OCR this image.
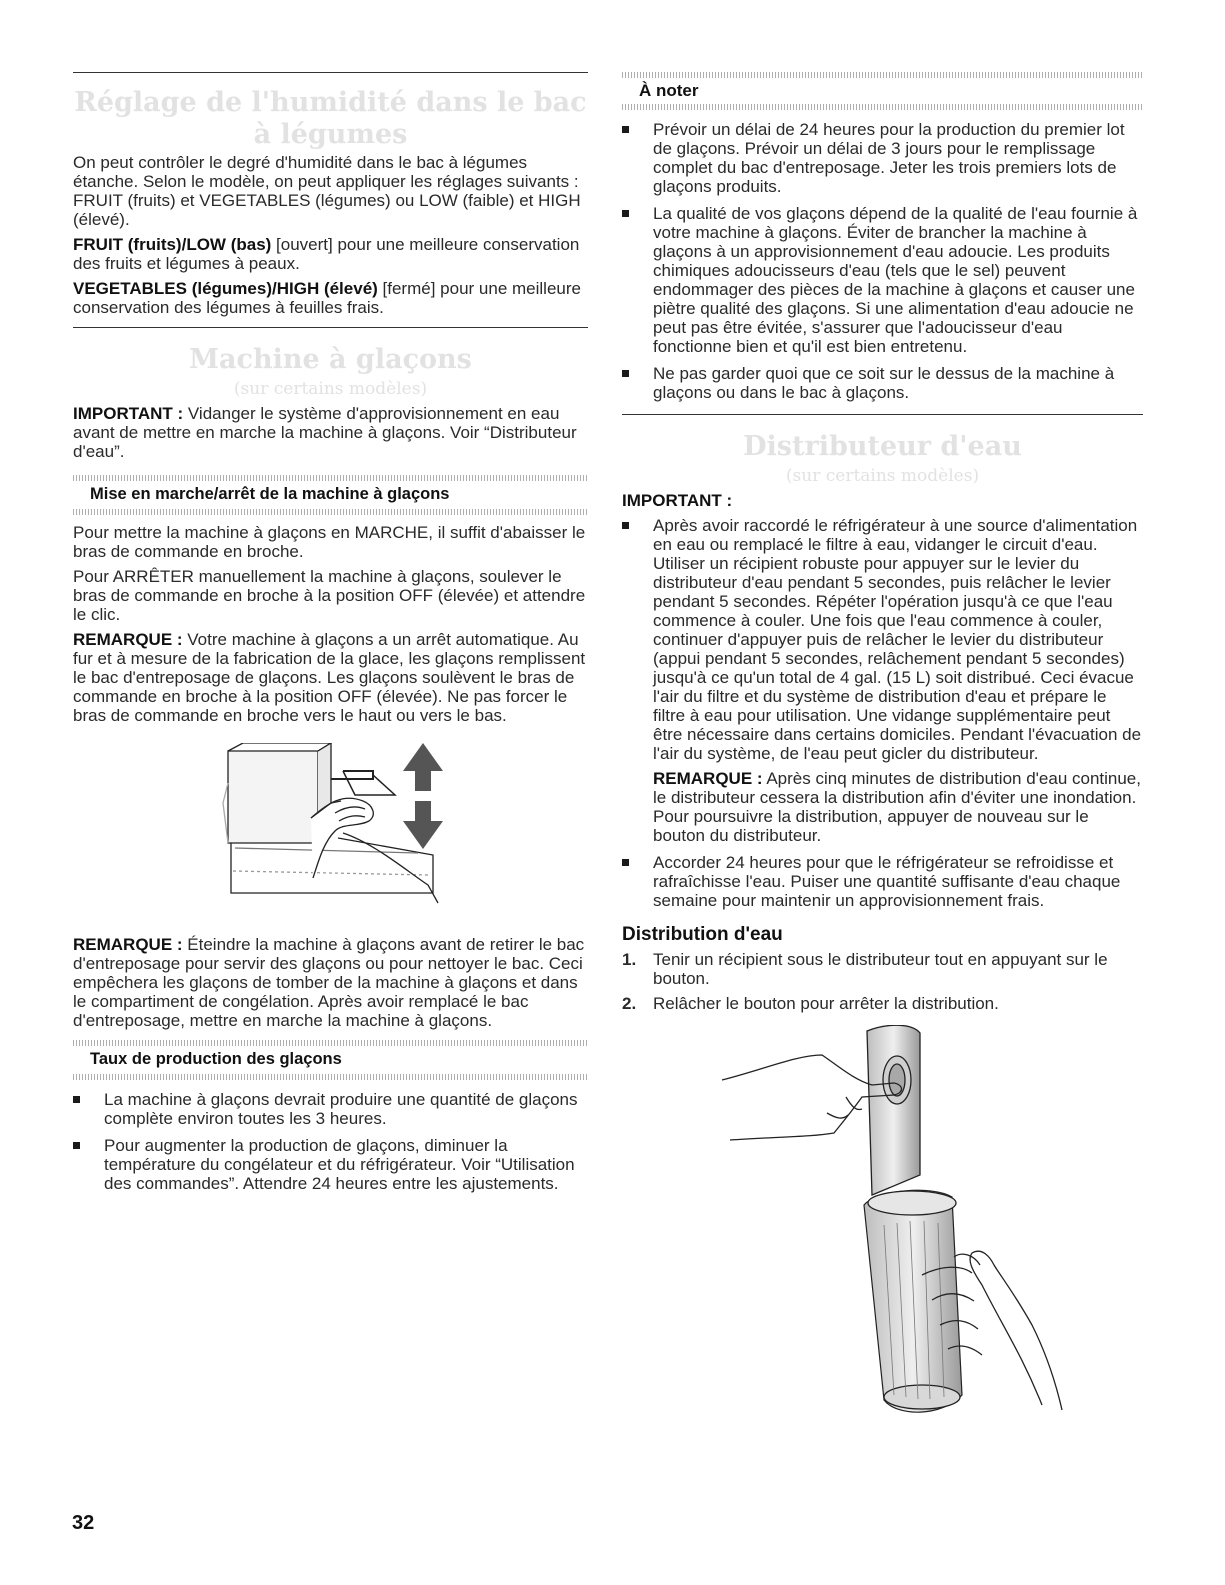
Réglage de l'humidité dans le bac à légumes

On peut contrôler le degré d'humidité dans le bac à légumes étanche. Selon le modèle, on peut appliquer les réglages suivants : FRUIT (fruits) et VEGETABLES (légumes) ou LOW (faible) et HIGH (élevé).

FRUIT (fruits)/LOW (bas) [ouvert] pour une meilleure conservation des fruits et légumes à peaux.

VEGETABLES (légumes)/HIGH (élevé) [fermé] pour une meilleure conservation des légumes à feuilles frais.

Machine à glaçons
(sur certains modèles)

IMPORTANT : Vidanger le système d'approvisionnement en eau avant de mettre en marche la machine à glaçons. Voir “Distributeur d'eau”.

Mise en marche/arrêt de la machine à glaçons

Pour mettre la machine à glaçons en MARCHE, il suffit d'abaisser le bras de commande en broche.

Pour ARRÊTER manuellement la machine à glaçons, soulever le bras de commande en broche à la position OFF (élevée) et attendre le clic.

REMARQUE : Votre machine à glaçons a un arrêt automatique. Au fur et à mesure de la fabrication de la glace, les glaçons remplissent le bac d'entreposage de glaçons. Les glaçons soulèvent le bras de commande en broche à la position OFF (élevée). Ne pas forcer le bras de commande en broche vers le haut ou vers le bas.

REMARQUE : Éteindre la machine à glaçons avant de retirer le bac d'entreposage pour servir des glaçons ou pour nettoyer le bac. Ceci empêchera les glaçons de tomber de la machine à glaçons et dans le compartiment de congélation. Après avoir remplacé le bac d'entreposage, mettre en marche la machine à glaçons.

Taux de production des glaçons

La machine à glaçons devrait produire une quantité de glaçons complète environ toutes les 3 heures.

Pour augmenter la production de glaçons, diminuer la température du congélateur et du réfrigérateur. Voir “Utilisation des commandes”. Attendre 24 heures entre les ajustements.

À noter

Prévoir un délai de 24 heures pour la production du premier lot de glaçons. Prévoir un délai de 3 jours pour le remplissage complet du bac d'entreposage. Jeter les trois premiers lots de glaçons produits.

La qualité de vos glaçons dépend de la qualité de l'eau fournie à votre machine à glaçons. Éviter de brancher la machine à glaçons à un approvisionnement d'eau adoucie. Les produits chimiques adoucisseurs d'eau (tels que le sel) peuvent endommager des pièces de la machine à glaçons et causer une piètre qualité des glaçons. Si une alimentation d'eau adoucie ne peut pas être évitée, s'assurer que l'adoucisseur d'eau fonctionne bien et qu'il est bien entretenu.

Ne pas garder quoi que ce soit sur le dessus de la machine à glaçons ou dans le bac à glaçons.

Distributeur d'eau
(sur certains modèles)

IMPORTANT :

Après avoir raccordé le réfrigérateur à une source d'alimentation en eau ou remplacé le filtre à eau, vidanger le circuit d'eau. Utiliser un récipient robuste pour appuyer sur le levier du distributeur d'eau pendant 5 secondes, puis relâcher le levier pendant 5 secondes. Répéter l'opération jusqu'à ce que l'eau commence à couler. Une fois que l'eau commence à couler, continuer d'appuyer puis de relâcher le levier du distributeur (appui pendant 5 secondes, relâchement pendant 5 secondes) jusqu'à ce qu'un total de 4 gal. (15 L) soit distribué. Ceci évacue l'air du filtre et du système de distribution d'eau et prépare le filtre à eau pour utilisation. Une vidange supplémentaire peut être nécessaire dans certains domiciles. Pendant l'évacuation de l'air du système, de l'eau peut gicler du distributeur.

REMARQUE : Après cinq minutes de distribution d'eau continue, le distributeur cessera la distribution afin d'éviter une inondation. Pour poursuivre la distribution, appuyer de nouveau sur le bouton du distributeur.

Accorder 24 heures pour que le réfrigérateur se refroidisse et rafraîchisse l'eau. Puiser une quantité suffisante d'eau chaque semaine pour maintenir un approvisionnement frais.

Distribution d'eau

1. Tenir un récipient sous le distributeur tout en appuyant sur le bouton.

2. Relâcher le bouton pour arrêter la distribution.

32
